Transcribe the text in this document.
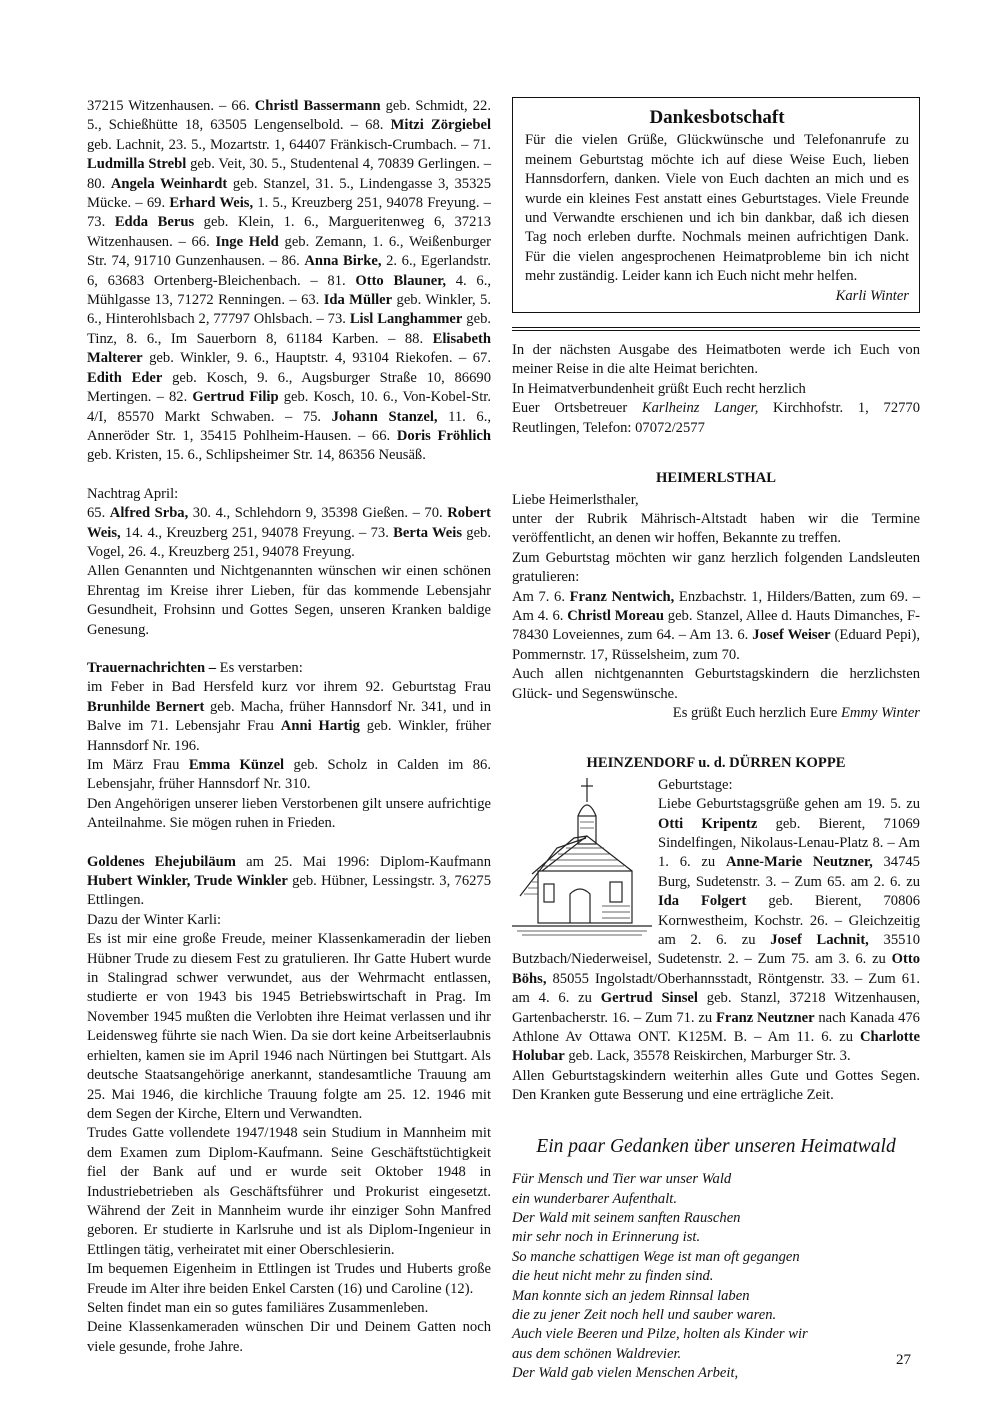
37215 Witzenhausen. – 66. Christl Bassermann geb. Schmidt, 22. 5., Schießhütte 18, 63505 Lengenselbold. – 68. Mitzi Zörgiebel geb. Lachnit, 23. 5., Mozartstr. 1, 64407 Fränkisch-Crumbach. – 71. Ludmilla Strebl geb. Veit, 30. 5., Studentenal 4, 70839 Gerlingen. – 80. Angela Weinhardt geb. Stanzel, 31. 5., Lindengasse 3, 35325 Mücke. – 69. Erhard Weis, 1. 5., Kreuzberg 251, 94078 Freyung. – 73. Edda Berus geb. Klein, 1. 6., Margueritenweg 6, 37213 Witzenhausen. – 66. Inge Held geb. Zemann, 1. 6., Weißenburger Str. 74, 91710 Gunzenhausen. – 86. Anna Birke, 2. 6., Egerlandstr. 6, 63683 Ortenberg-Bleichenbach. – 81. Otto Blauner, 4. 6., Mühlgasse 13, 71272 Renningen. – 63. Ida Müller geb. Winkler, 5. 6., Hinterohlsbach 2, 77797 Ohlsbach. – 73. Lisl Langhammer geb. Tinz, 8. 6., Im Sauerborn 8, 61184 Karben. – 88. Elisabeth Malterer geb. Winkler, 9. 6., Hauptstr. 4, 93104 Riekofen. – 67. Edith Eder geb. Kosch, 9. 6., Augsburger Straße 10, 86690 Mertingen. – 82. Gertrud Filip geb. Kosch, 10. 6., Von-Kobel-Str. 4/I, 85570 Markt Schwaben. – 75. Johann Stanzel, 11. 6., Anneröder Str. 1, 35415 Pohlheim-Hausen. – 66. Doris Fröhlich geb. Kristen, 15. 6., Schlipsheimer Str. 14, 86356 Neusäß.

Nachtrag April:

65. Alfred Srba, 30. 4., Schlehdorn 9, 35398 Gießen. – 70. Robert Weis, 14. 4., Kreuzberg 251, 94078 Freyung. – 73. Berta Weis geb. Vogel, 26. 4., Kreuzberg 251, 94078 Freyung.

Allen Genannten und Nichtgenannten wünschen wir einen schönen Ehrentag im Kreise ihrer Lieben, für das kommende Lebensjahr Gesundheit, Frohsinn und Gottes Segen, unseren Kranken baldige Genesung.

Trauernachrichten – Es verstarben:

im Feber in Bad Hersfeld kurz vor ihrem 92. Geburtstag Frau Brunhilde Bernert geb. Macha, früher Hannsdorf Nr. 341, und in Balve im 71. Lebensjahr Frau Anni Hartig geb. Winkler, früher Hannsdorf Nr. 196.

Im März Frau Emma Künzel geb. Scholz in Calden im 86. Lebensjahr, früher Hannsdorf Nr. 310.

Den Angehörigen unserer lieben Verstorbenen gilt unsere aufrichtige Anteilnahme. Sie mögen ruhen in Frieden.

Goldenes Ehejubiläum am 25. Mai 1996: Diplom-Kaufmann Hubert Winkler, Trude Winkler geb. Hübner, Lessingstr. 3, 76275 Ettlingen.

Dazu der Winter Karli:

Es ist mir eine große Freude, meiner Klassenkameradin der lieben Hübner Trude zu diesem Fest zu gratulieren. Ihr Gatte Hubert wurde in Stalingrad schwer verwundet, aus der Wehrmacht entlassen, studierte er von 1943 bis 1945 Betriebswirtschaft in Prag. Im November 1945 mußten die Verlobten ihre Heimat verlassen und ihr Leidensweg führte sie nach Wien. Da sie dort keine Arbeitserlaubnis erhielten, kamen sie im April 1946 nach Nürtingen bei Stuttgart. Als deutsche Staatsangehörige anerkannt, standesamtliche Trauung am 25. Mai 1946, die kirchliche Trauung folgte am 25. 12. 1946 mit dem Segen der Kirche, Eltern und Verwandten.

Trudes Gatte vollendete 1947/1948 sein Studium in Mannheim mit dem Examen zum Diplom-Kaufmann. Seine Geschäftstüchtigkeit fiel der Bank auf und er wurde seit Oktober 1948 in Industriebetrieben als Geschäftsführer und Prokurist eingesetzt. Während der Zeit in Mannheim wurde ihr einziger Sohn Manfred geboren. Er studierte in Karlsruhe und ist als Diplom-Ingenieur in Ettlingen tätig, verheiratet mit einer Oberschlesierin.

Im bequemen Eigenheim in Ettlingen ist Trudes und Huberts große Freude im Alter ihre beiden Enkel Carsten (16) und Caroline (12).

Selten findet man ein so gutes familiäres Zusammenleben.

Deine Klassenkameraden wünschen Dir und Deinem Gatten noch viele gesunde, frohe Jahre.

Dankesbotschaft

Für die vielen Grüße, Glückwünsche und Telefonanrufe zu meinem Geburtstag möchte ich auf diese Weise Euch, lieben Hannsdorfern, danken. Viele von Euch dachten an mich und es wurde ein kleines Fest anstatt eines Geburtstages. Viele Freunde und Verwandte erschienen und ich bin dankbar, daß ich diesen Tag noch erleben durfte. Nochmals meinen aufrichtigen Dank. Für die vielen angesprochenen Heimatprobleme bin ich nicht mehr zuständig. Leider kann ich Euch nicht mehr helfen.
Karli Winter

In der nächsten Ausgabe des Heimatboten werde ich Euch von meiner Reise in die alte Heimat berichten.

In Heimatverbundenheit grüßt Euch recht herzlich

Euer Ortsbetreuer Karlheinz Langer, Kirchhofstr. 1, 72770 Reutlingen, Telefon: 07072/2577

HEIMERLSTHAL

Liebe Heimerlsthaler,

unter der Rubrik Mährisch-Altstadt haben wir die Termine veröffentlicht, an denen wir hoffen, Bekannte zu treffen.

Zum Geburtstag möchten wir ganz herzlich folgenden Landsleuten gratulieren:

Am 7. 6. Franz Nentwich, Enzbachstr. 1, Hilders/Batten, zum 69. – Am 4. 6. Christl Moreau geb. Stanzel, Allee d. Hauts Dimanches, F-78430 Loveiennes, zum 64. – Am 13. 6. Josef Weiser (Eduard Pepi), Pommernstr. 17, Rüsselsheim, zum 70.

Auch allen nichtgenannten Geburtstagskindern die herzlichsten Glück- und Segenswünsche.

Es grüßt Euch herzlich Eure Emmy Winter

HEINZENDORF u. d. DÜRREN KOPPE

Geburtstage:

Liebe Geburtstagsgrüße gehen am 19. 5. zu Otti Kripentz geb. Bierent, 71069 Sindelfingen, Nikolaus-Lenau-Platz 8. – Am 1. 6. zu Anne-Marie Neutzner, 34745 Burg, Sudetenstr. 3. – Zum 65. am 2. 6. zu Ida Folgert geb. Bierent, 70806 Kornwestheim, Kochstr. 26. – Gleichzeitig am 2. 6. zu Josef Lachnit, 35510 Butzbach/Niederweisel, Sudetenstr. 2. – Zum 75. am 3. 6. zu Otto Böhs, 85055 Ingolstadt/Oberhannsstadt, Röntgenstr. 33. – Zum 61. am 4. 6. zu Gertrud Sinsel geb. Stanzl, 37218 Witzenhausen, Gartenbacherstr. 16. – Zum 71. zu Franz Neutzner nach Kanada 476 Athlone Av Ottawa ONT. K125M. B. – Am 11. 6. zu Charlotte Holubar geb. Lack, 35578 Reiskirchen, Marburger Str. 3.

Allen Geburtstagskindern weiterhin alles Gute und Gottes Segen. Den Kranken gute Besserung und eine erträgliche Zeit.

Ein paar Gedanken über unseren Heimatwald

Für Mensch und Tier war unser Wald

ein wunderbarer Aufenthalt.

Der Wald mit seinem sanften Rauschen

mir sehr noch in Erinnerung ist.

So manche schattigen Wege ist man oft gegangen

die heut nicht mehr zu finden sind.

Man konnte sich an jedem Rinnsal laben

die zu jener Zeit noch hell und sauber waren.

Auch viele Beeren und Pilze, holten als Kinder wir

aus dem schönen Waldrevier.

Der Wald gab vielen Menschen Arbeit,

27
